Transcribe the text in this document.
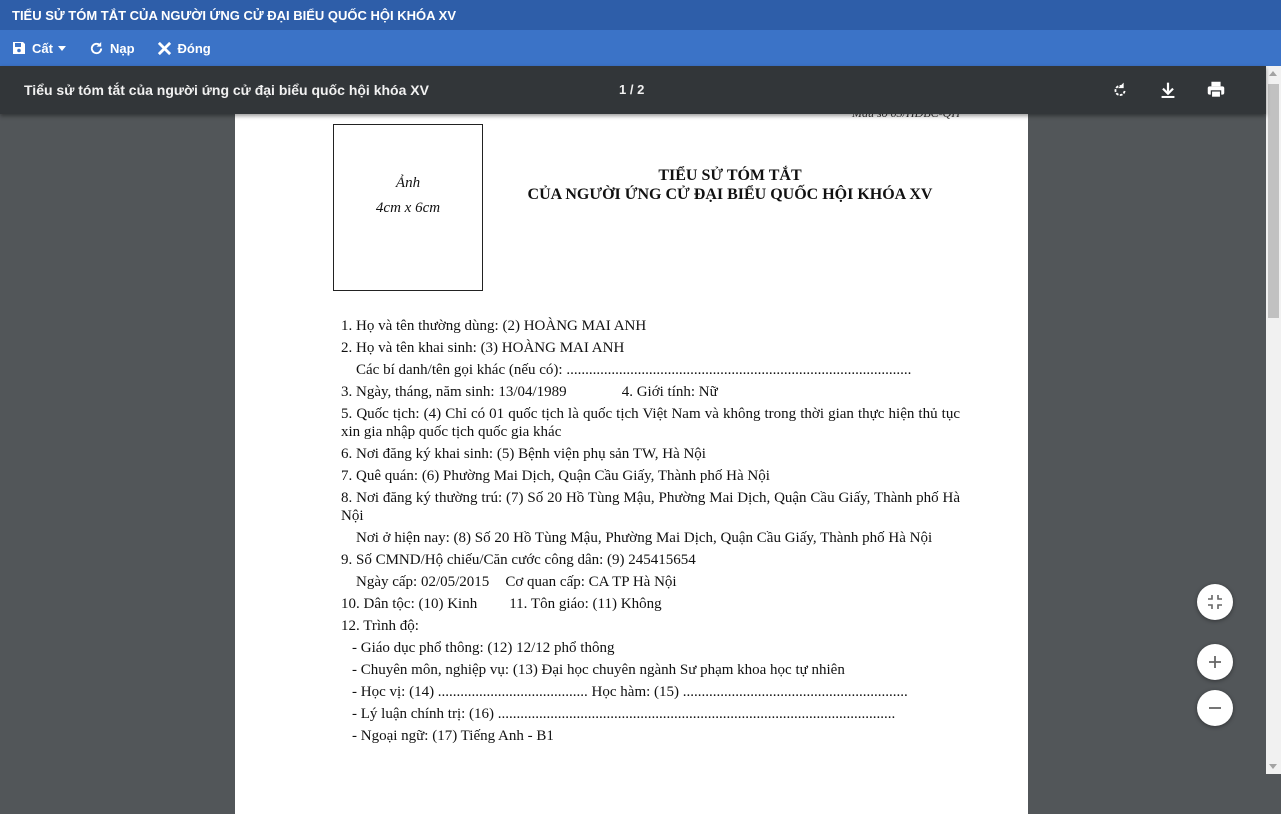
TIỂU SỬ TÓM TẮT CỦA NGƯỜI ỨNG CỬ ĐẠI BIỂU QUỐC HỘI KHÓA XV
Cất	Nạp	Đóng
Tiểu sử tóm tắt của người ứng cử đại biểu quốc hội khóa XV	1 / 2
Ảnh
4cm x 6cm
TIỂU SỬ TÓM TẮT
CỦA NGƯỜI ỨNG CỬ ĐẠI BIỂU QUỐC HỘI KHÓA XV
1. Họ và tên thường dùng: (2) HOÀNG MAI ANH
2. Họ và tên khai sinh: (3) HOÀNG MAI ANH
Các bí danh/tên gọi khác (nếu có): ............................................................................................
3. Ngày, tháng, năm sinh: 13/04/1989	4. Giới tính: Nữ
5. Quốc tịch: (4) Chỉ có 01 quốc tịch là quốc tịch Việt Nam và không trong thời gian thực hiện thủ tục xin gia nhập quốc tịch quốc gia khác
6. Nơi đăng ký khai sinh: (5) Bệnh viện phụ sản TW, Hà Nội
7. Quê quán: (6) Phường Mai Dịch, Quận Cầu Giấy, Thành phố Hà Nội
8. Nơi đăng ký thường trú: (7) Số 20 Hồ Tùng Mậu, Phường Mai Dịch, Quận Cầu Giấy, Thành phố Hà Nội
Nơi ở hiện nay: (8) Số 20 Hồ Tùng Mậu, Phường Mai Dịch, Quận Cầu Giấy, Thành phố Hà Nội
9. Số CMND/Hộ chiếu/Căn cước công dân: (9) 245415654
Ngày cấp: 02/05/2015 Cơ quan cấp: CA TP Hà Nội
10. Dân tộc: (10) Kinh 11. Tôn giáo: (11) Không
12. Trình độ:
- Giáo dục phổ thông: (12) 12/12 phổ thông
- Chuyên môn, nghiệp vụ: (13) Đại học chuyên ngành Sư phạm khoa học tự nhiên
- Học vị: (14) ........................................ Học hàm: (15) ............................................................
- Lý luận chính trị: (16) ..........................................................................................................
- Ngoại ngữ: (17) Tiếng Anh - B1
